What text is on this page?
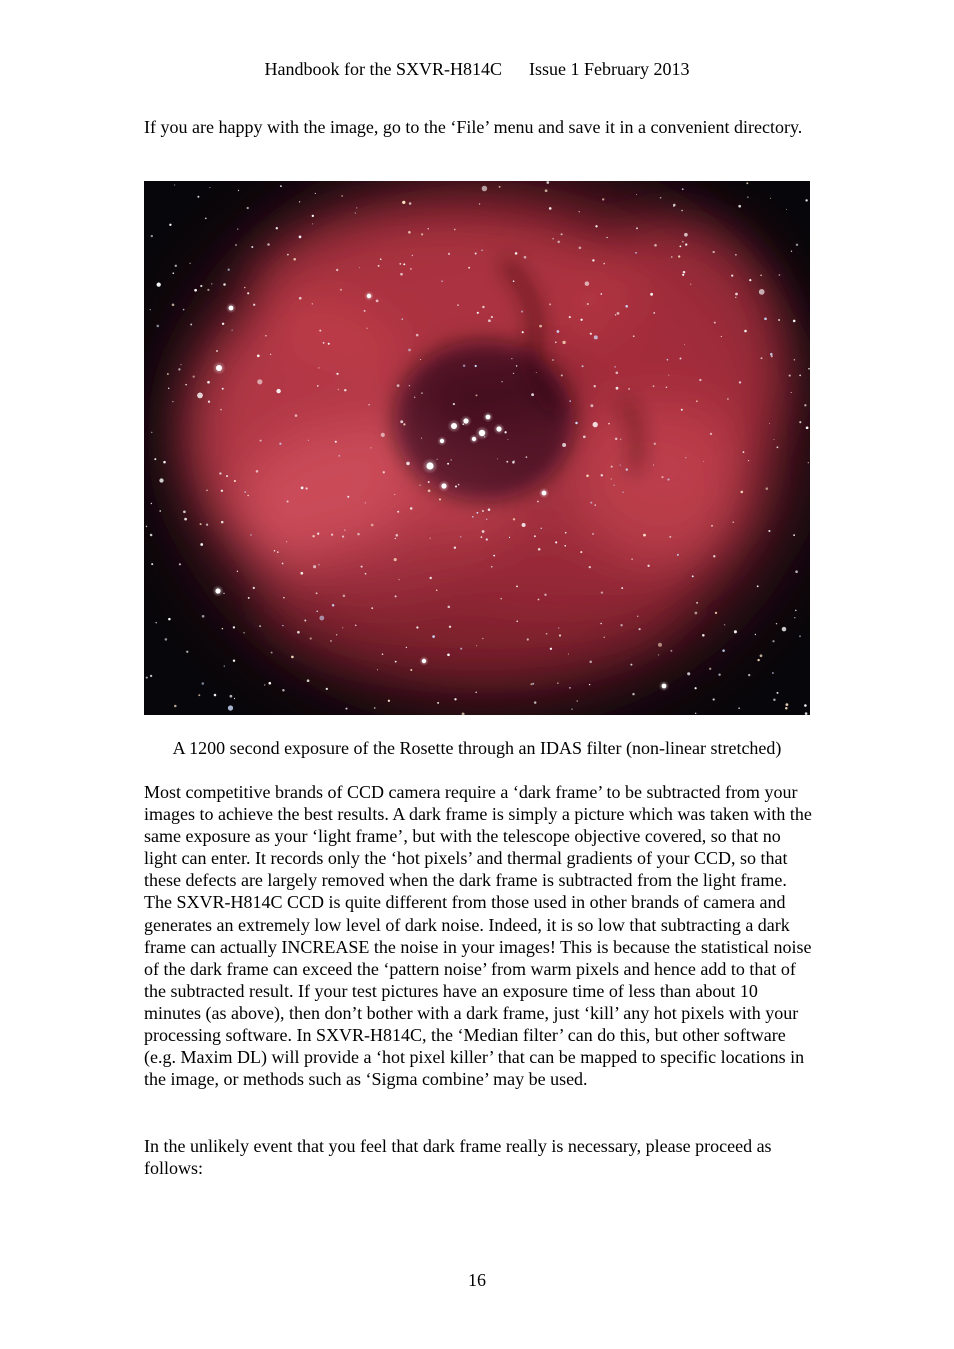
Handbook for the SXVR-H814C Issue 1 February 2013

If you are happy with the image, go to the ‘File’ menu and save it in a convenient directory.

A 1200 second exposure of the Rosette through an IDAS filter (non-linear stretched)

Most competitive brands of CCD camera require a ‘dark frame’ to be subtracted from your images to achieve the best results. A dark frame is simply a picture which was taken with the same exposure as your ‘light frame’, but with the telescope objective covered, so that no light can enter. It records only the ‘hot pixels’ and thermal gradients of your CCD, so that these defects are largely removed when the dark frame is subtracted from the light frame. The SXVR-H814C CCD is quite different from those used in other brands of camera and generates an extremely low level of dark noise. Indeed, it is so low that subtracting a dark frame can actually INCREASE the noise in your images! This is because the statistical noise of the dark frame can exceed the ‘pattern noise’ from warm pixels and hence add to that of the subtracted result. If your test pictures have an exposure time of less than about 10 minutes (as above), then don’t bother with a dark frame, just ‘kill’ any hot pixels with your processing software. In SXVR-H814C, the ‘Median filter’ can do this, but other software (e.g. Maxim DL) will provide a ‘hot pixel killer’ that can be mapped to specific locations in the image, or methods such as ‘Sigma combine’ may be used.

In the unlikely event that you feel that dark frame really is necessary, please proceed as follows:

16
